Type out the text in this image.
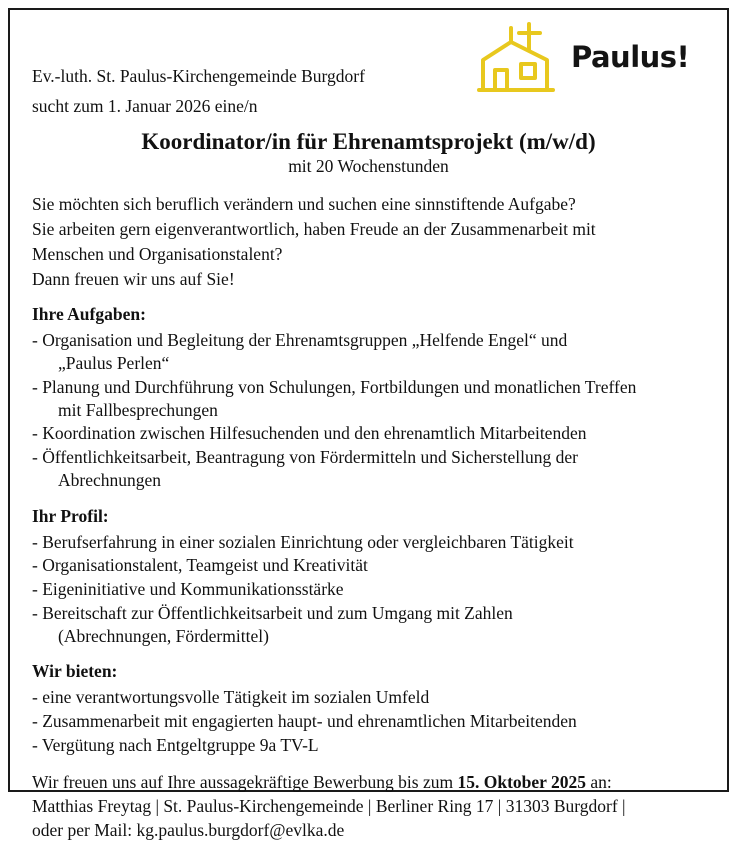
Paulus!
Ev.-luth. St. Paulus-Kirchengemeinde Burgdorf
sucht zum 1. Januar 2026 eine/n
Koordinator/in für Ehrenamtsprojekt (m/w/d)
mit 20 Wochenstunden
Sie möchten sich beruflich verändern und suchen eine sinnstiftende Aufgabe?
Sie arbeiten gern eigenverantwortlich, haben Freude an der Zusammenarbeit mit
Menschen und Organisationstalent?
Dann freuen wir uns auf Sie!
Ihre Aufgaben:
- Organisation und Begleitung der Ehrenamtsgruppen „Helfende Engel“ und
„Paulus Perlen“
- Planung und Durchführung von Schulungen, Fortbildungen und monatlichen Treffen
mit Fallbesprechungen
- Koordination zwischen Hilfesuchenden und den ehrenamtlich Mitarbeitenden
- Öffentlichkeitsarbeit, Beantragung von Fördermitteln und Sicherstellung der
Abrechnungen
Ihr Profil:
- Berufserfahrung in einer sozialen Einrichtung oder vergleichbaren Tätigkeit
- Organisationstalent, Teamgeist und Kreativität
- Eigeninitiative und Kommunikationsstärke
- Bereitschaft zur Öffentlichkeitsarbeit und zum Umgang mit Zahlen
(Abrechnungen, Fördermittel)
Wir bieten:
- eine verantwortungsvolle Tätigkeit im sozialen Umfeld
- Zusammenarbeit mit engagierten haupt- und ehrenamtlichen Mitarbeitenden
- Vergütung nach Entgeltgruppe 9a TV-L
Wir freuen uns auf Ihre aussagekräftige Bewerbung bis zum 15. Oktober 2025 an:
Matthias Freytag | St. Paulus-Kirchengemeinde | Berliner Ring 17 | 31303 Burgdorf |
oder per Mail: kg.paulus.burgdorf@evlka.de
